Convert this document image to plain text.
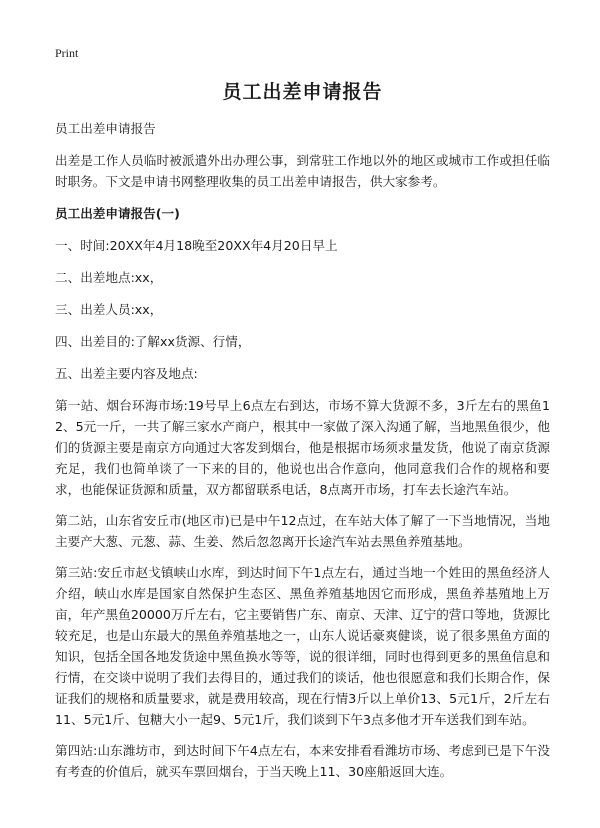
Print
员工出差申请报告

员工出差申请报告

出差是工作人员临时被派遣外出办理公事，到常驻工作地以外的地区或城市工作或担任临时职务。下文是申请书网整理收集的员工出差申请报告，供大家参考。

员工出差申请报告(一)

一、时间:20XX年4月18晚至20XX年4月20日早上

二、出差地点:xx，

三、出差人员:xx，

四、出差目的:了解xx货源、行情，

五、出差主要内容及地点:

第一站、烟台环海市场:19号早上6点左右到达，市场不算大货源不多，3斤左右的黑鱼12、5元一斤，一共了解三家水产商户，根其中一家做了深入沟通了解，当地黑鱼很少，他们的货源主要是南京方向通过大客发到烟台，他是根据市场须求量发货，他说了南京货源充足，我们也简单谈了一下来的目的，他说也出合作意向，他同意我们合作的规格和要求，也能保证货源和质量，双方都留联系电话，8点离开市场，打车去长途汽车站。

第二站，山东省安丘市(地区市)已是中午12点过，在车站大体了解了一下当地情况，当地主要产大葱、元葱、蒜、生姜、然后忽忽离开长途汽车站去黑鱼养殖基地。

第三站:安丘市赵戈镇峡山水库，到达时间下午1点左右，通过当地一个姓田的黑鱼经济人介绍，峡山水库是国家自然保护生态区、黑鱼养殖基地因它而形成，黑鱼养基殖地上万亩，年产黑鱼20000万斤左右，它主要销售广东、南京、天津、辽宁的营口等地，货源比较充足，也是山东最大的黑鱼养殖基地之一，山东人说话豪爽健谈，说了很多黑鱼方面的知识，包括全国各地发货途中黑鱼换水等等，说的很详细，同时也得到更多的黑鱼信息和行情，在交谈中说明了我们去得目的，通过我们的谈话，他也很愿意和我们长期合作，保证我们的规格和质量要求，就是费用较高，现在行情3斤以上单价13、5元1斤，2斤左右11、5元1斤、包糖大小一起9、5元1斤，我们谈到下午3点多他才开车送我们到车站。

第四站:山东潍坊市，到达时间下午4点左右，本来安排看看潍坊市场、考虑到已是下午没有考查的价值后，就买车票回烟台，于当天晚上11、30座船返回大连。
